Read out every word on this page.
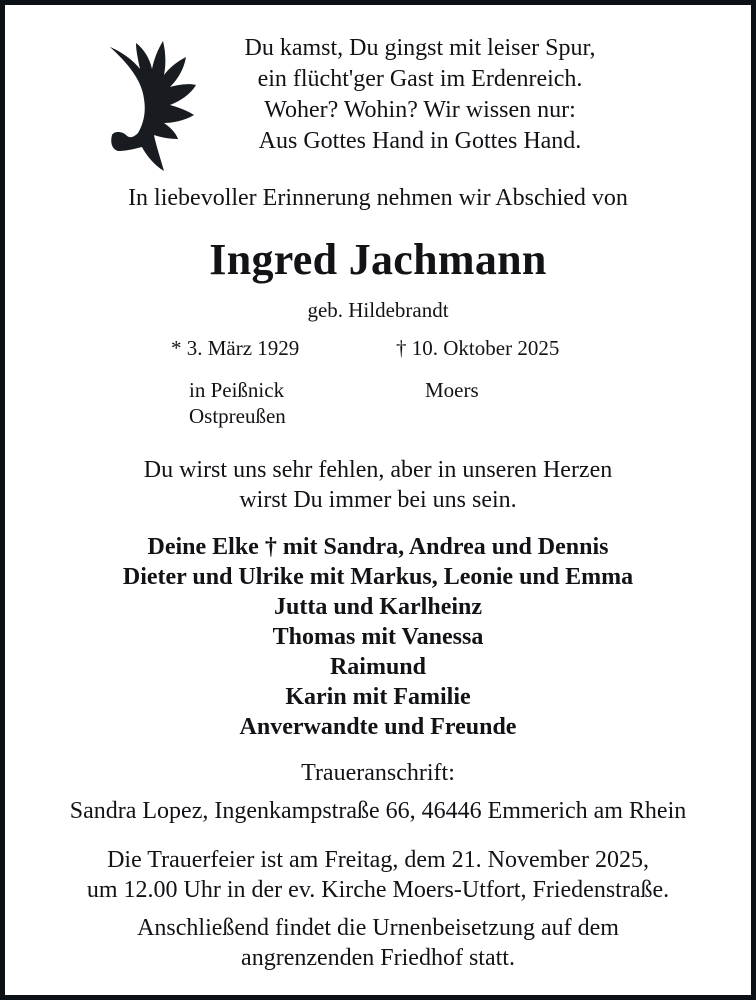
Du kamst, Du gingst mit leiser Spur,
ein flücht'ger Gast im Erdenreich.
Woher? Wohin? Wir wissen nur:
Aus Gottes Hand in Gottes Hand.
In liebevoller Erinnerung nehmen wir Abschied von
Ingred Jachmann
geb. Hildebrandt
* 3. März 1929	† 10. Oktober 2025
in Peißnick
Ostpreußen
Moers
Du wirst uns sehr fehlen, aber in unseren Herzen
wirst Du immer bei uns sein.
Deine Elke † mit Sandra, Andrea und Dennis
Dieter und Ulrike mit Markus, Leonie und Emma
Jutta und Karlheinz
Thomas mit Vanessa
Raimund
Karin mit Familie
Anverwandte und Freunde
Traueranschrift:
Sandra Lopez, Ingenkampstraße 66, 46446 Emmerich am Rhein
Die Trauerfeier ist am Freitag, dem 21. November 2025,
um 12.00 Uhr in der ev. Kirche Moers-Utfort, Friedenstraße.
Anschließend findet die Urnenbeisetzung auf dem
angrenzenden Friedhof statt.
